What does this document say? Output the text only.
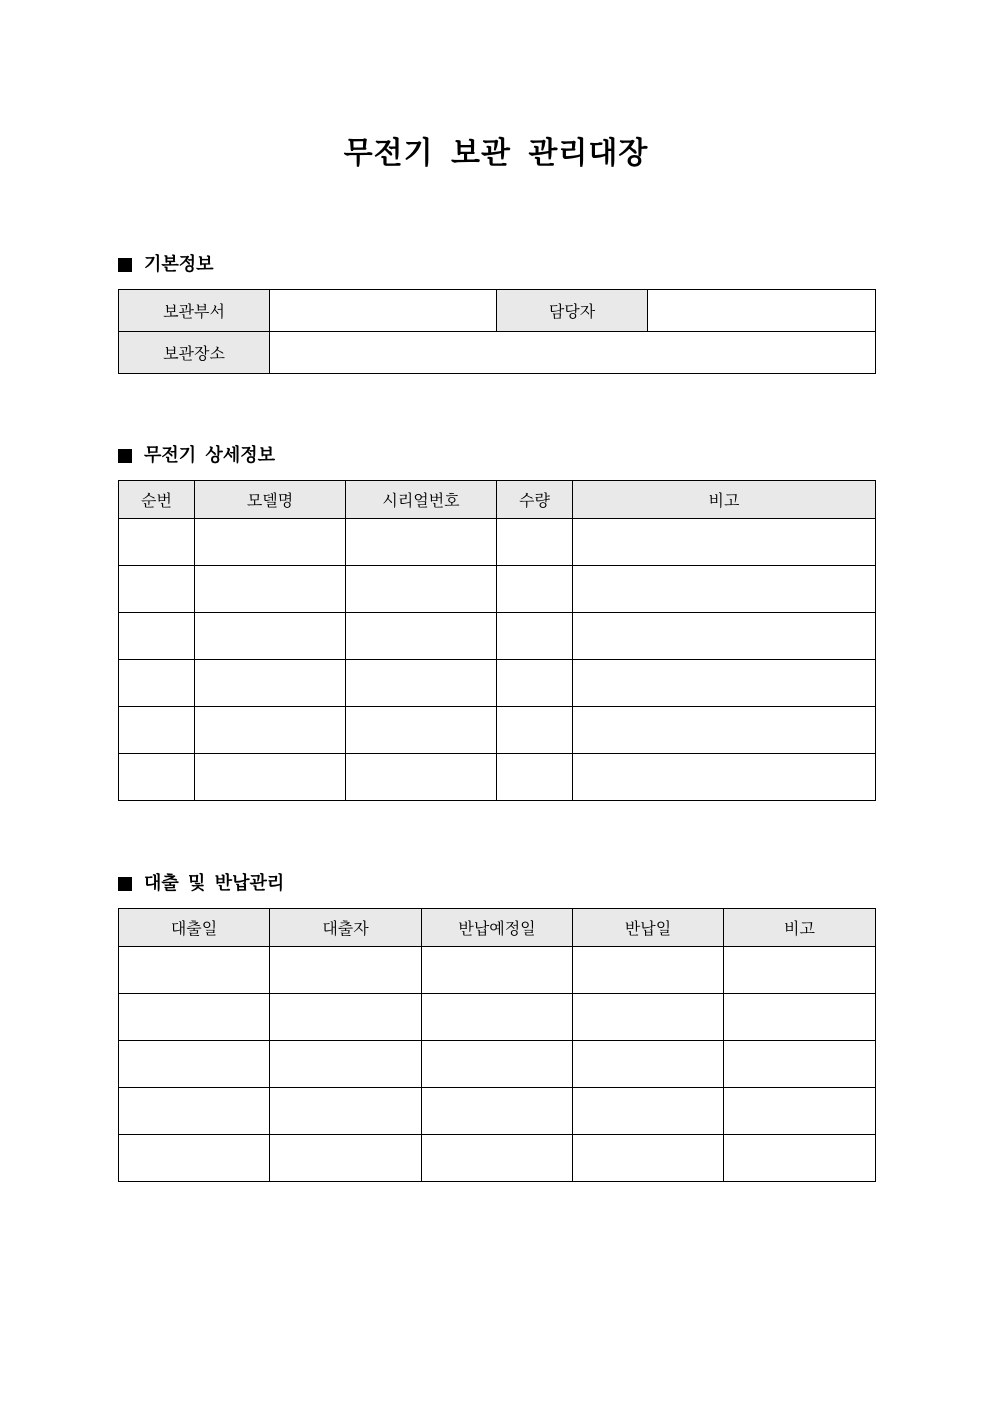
무전기 보관 관리대장
기본정보
보관부서		담당자	
보관장소			
무전기 상세정보
순번	모델명	시리얼번호	수량	비고

대출 및 반납관리
대출일	대출자	반납예정일	반납일	비고
